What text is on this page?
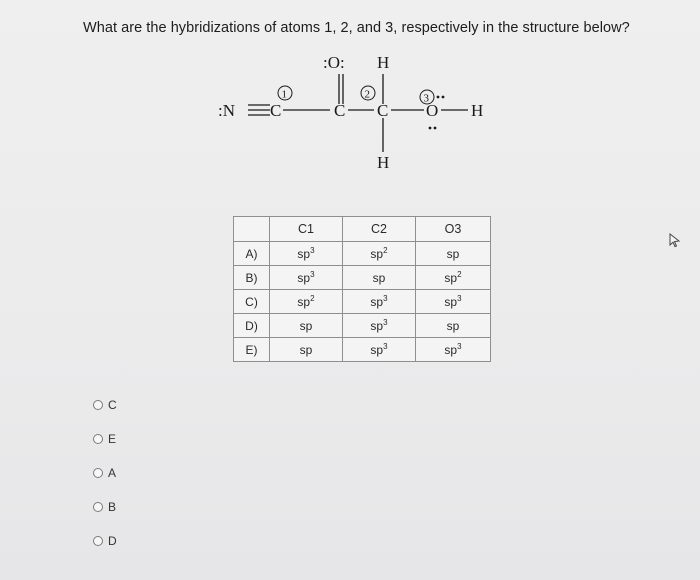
What are the hybridizations of atoms 1, 2, and 3, respectively in the structure below?
:O: H
:N C	C C O H
H
1	2	3
	C1	C2	O3
A)	$sp^3$	$sp^2$	sp
B)	$sp^3$	sp	$sp^2$
C)	$sp^2$	$sp^3$	$sp^3$
D)	sp	$sp^3$	sp
E)	sp	$sp^3$	$sp^3$
C
E
A
B
D
